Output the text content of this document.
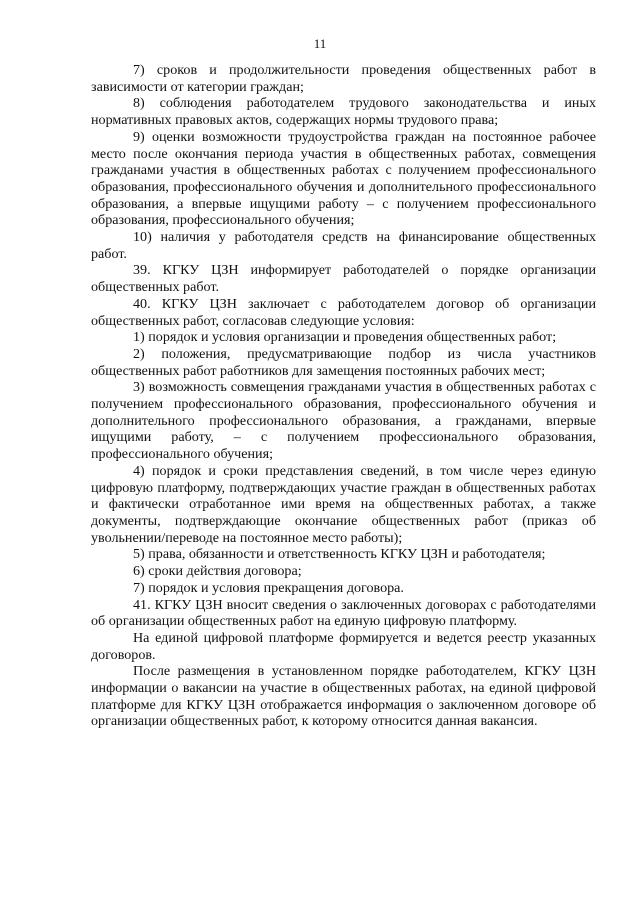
11

7) сроков и продолжительности проведения общественных работ в зависимости от категории граждан;

8) соблюдения работодателем трудового законодательства и иных нормативных правовых актов, содержащих нормы трудового права;

9) оценки возможности трудоустройства граждан на постоянное рабочее место после окончания периода участия в общественных работах, совмещения гражданами участия в общественных работах с получением профессионального образования, профессионального обучения и дополнительного профессионального образования, а впервые ищущими работу – с получением профессионального образования, профессионального обучения;

10) наличия у работодателя средств на финансирование общественных работ.

39. КГКУ ЦЗН информирует работодателей о порядке организации общественных работ.

40. КГКУ ЦЗН заключает с работодателем договор об организации общественных работ, согласовав следующие условия:

1) порядок и условия организации и проведения общественных работ;

2) положения, предусматривающие подбор из числа участников общественных работ работников для замещения постоянных рабочих мест;

3) возможность совмещения гражданами участия в общественных работах с получением профессионального образования, профессионального обучения и дополнительного профессионального образования, а гражданами, впервые ищущими работу, – с получением профессионального образования, профессионального обучения;

4) порядок и сроки представления сведений, в том числе через единую цифровую платформу, подтверждающих участие граждан в общественных работах и фактически отработанное ими время на общественных работах, а также документы, подтверждающие окончание общественных работ (приказ об увольнении/переводе на постоянное место работы);

5) права, обязанности и ответственность КГКУ ЦЗН и работодателя;

6) сроки действия договора;

7) порядок и условия прекращения договора.

41. КГКУ ЦЗН вносит сведения о заключенных договорах с работодателями об организации общественных работ на единую цифровую платформу.

На единой цифровой платформе формируется и ведется реестр указанных договоров.

После размещения в установленном порядке работодателем, КГКУ ЦЗН информации о вакансии на участие в общественных работах, на единой цифровой платформе для КГКУ ЦЗН отображается информация о заключенном договоре об организации общественных работ, к которому относится данная вакансия.
